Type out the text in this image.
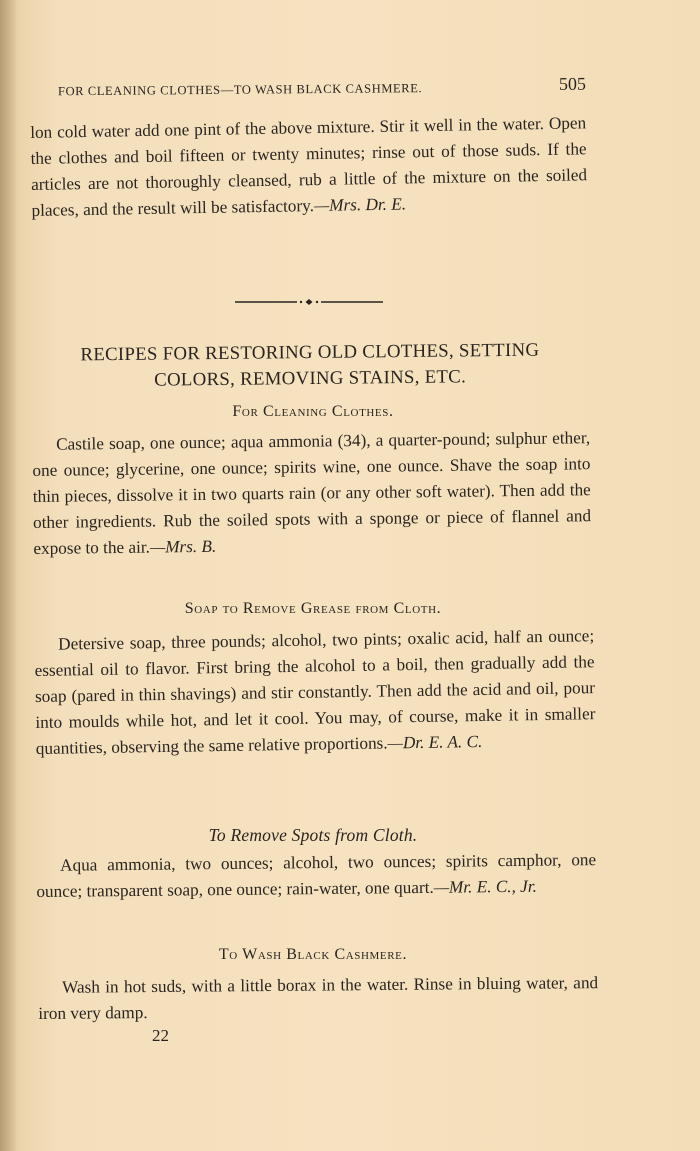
FOR CLEANING CLOTHES—TO WASH BLACK CASHMERE.	505
lon cold water add one pint of the above mixture. Stir it well in the water. Open the clothes and boil fifteen or twenty minutes; rinse out of those suds. If the articles are not thoroughly cleansed, rub a little of the mixture on the soiled places, and the result will be satisfactory.—Mrs. Dr. E.
RECIPES FOR RESTORING OLD CLOTHES, SETTING
COLORS, REMOVING STAINS, ETC.
For Cleaning Clothes.
Castile soap, one ounce; aqua ammonia (34), a quarter-pound; sulphur ether, one ounce; glycerine, one ounce; spirits wine, one ounce. Shave the soap into thin pieces, dissolve it in two quarts rain (or any other soft water). Then add the other ingredients. Rub the soiled spots with a sponge or piece of flannel and expose to the air.—Mrs. B.
Soap to Remove Grease from Cloth.
Detersive soap, three pounds; alcohol, two pints; oxalic acid, half an ounce; essential oil to flavor. First bring the alcohol to a boil, then gradually add the soap (pared in thin shavings) and stir constantly. Then add the acid and oil, pour into moulds while hot, and let it cool. You may, of course, make it in smaller quantities, observing the same relative proportions.—Dr. E. A. C.
To Remove Spots from Cloth.
Aqua ammonia, two ounces; alcohol, two ounces; spirits camphor, one ounce; transparent soap, one ounce; rain-water, one quart.—Mr. E. C., Jr.
To Wash Black Cashmere.
Wash in hot suds, with a little borax in the water. Rinse in bluing water, and iron very damp.
22
